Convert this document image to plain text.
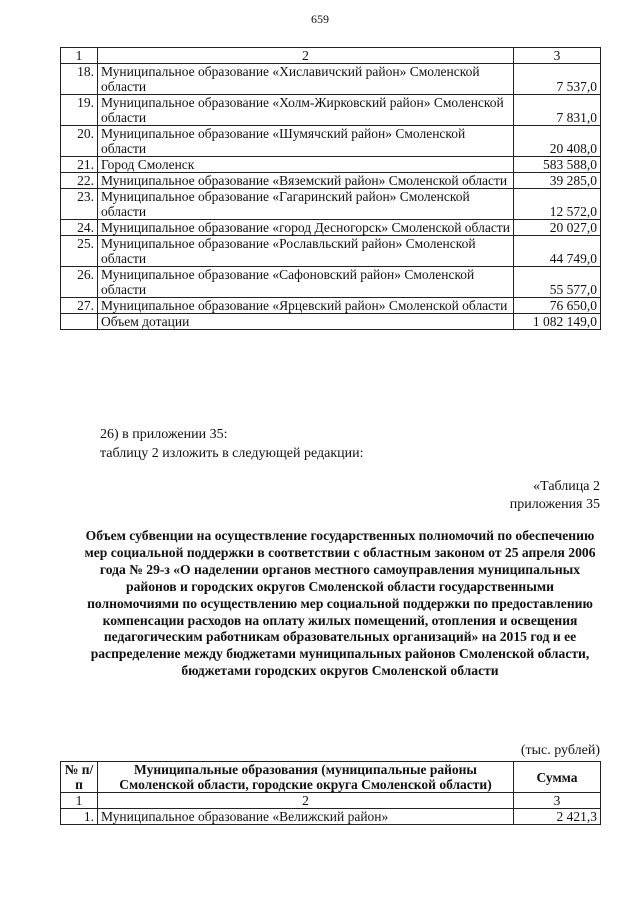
659
1	2	3
18.	Муниципальное образование «Хиславичский район» Смоленской области	7 537,0
19.	Муниципальное образование «Холм-Жирковский район» Смоленской области	7 831,0
20.	Муниципальное образование «Шумячский район» Смоленской области	20 408,0
21.	Город Смоленск	583 588,0
22.	Муниципальное образование «Вяземский район» Смоленской области	39 285,0
23.	Муниципальное образование «Гагаринский район» Смоленской области	12 572,0
24.	Муниципальное образование «город Десногорск» Смоленской области	20 027,0
25.	Муниципальное образование «Рославльский район» Смоленской области	44 749,0
26.	Муниципальное образование «Сафоновский район» Смоленской области	55 577,0
27.	Муниципальное образование «Ярцевский район» Смоленской области	76 650,0
	Объем дотации	1 082 149,0
26) в приложении 35:
таблицу 2 изложить в следующей редакции:
«Таблица 2
приложения 35
Объем субвенции на осуществление государственных полномочий по обеспечению мер социальной поддержки в соответствии с областным законом от 25 апреля 2006 года № 29-з «О наделении органов местного самоуправления муниципальных районов и городских округов Смоленской области государственными полномочиями по осуществлению мер социальной поддержки по предоставлению компенсации расходов на оплату жилых помещений, отопления и освещения педагогическим работникам образовательных организаций» на 2015 год и ее распределение между бюджетами муниципальных районов Смоленской области, бюджетами городских округов Смоленской области
(тыс. рублей)
№ п/п	Муниципальные образования (муниципальные районы Смоленской области, городские округа Смоленской области)	Сумма
1	2	3
1.	Муниципальное образование «Велижский район»	2 421,3
